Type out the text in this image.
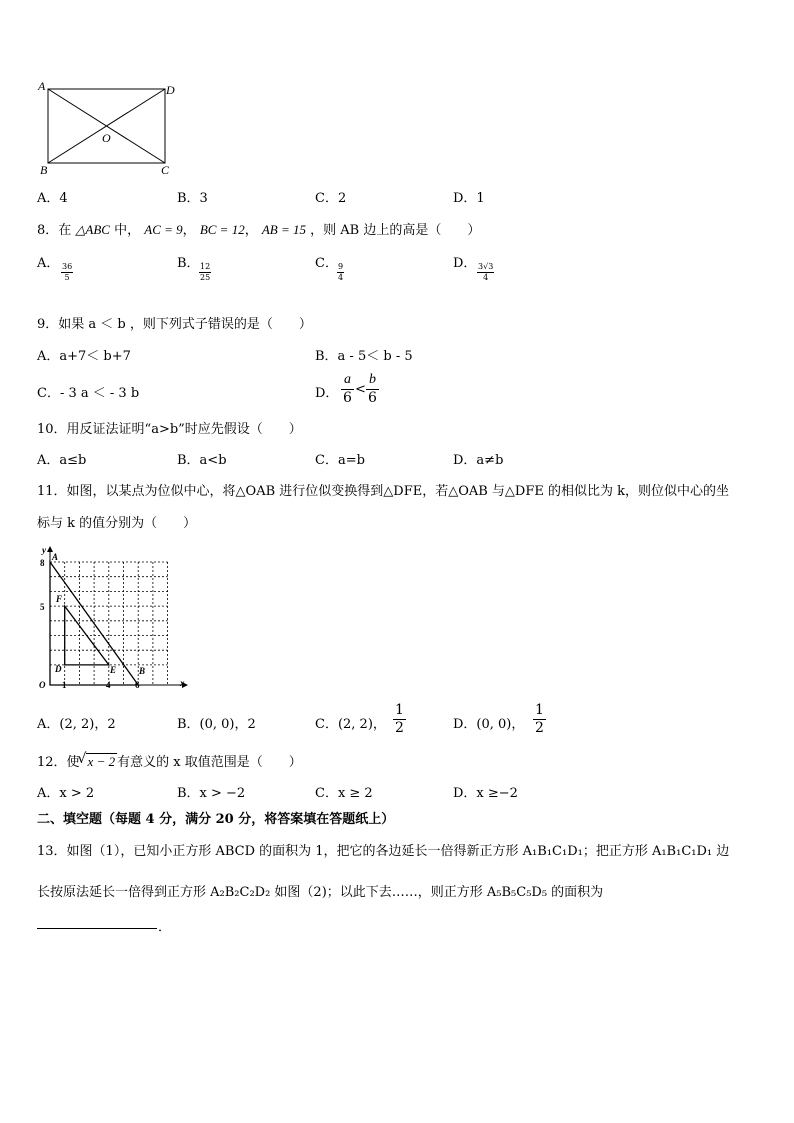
A	D
O
B	C
A．4	B．3	C．2	D．1
8．在 △ABC 中， AC = 9， BC = 12， AB = 15 ，则 AB 边上的高是（　　）
A． $\frac{36}{5}$	B． $\frac{12}{25}$	C． $\frac{9}{4}$	D． $\frac{3√3}{4}$
9．如果 a ＜ b ，则下列式子错误的是（　　）
A．a+7＜ b+7	B．a - 5＜ b - 5
C．- 3 a ＜ - 3 b	D． $\frac{a}{6} < \frac{b}{6}$
10．用反证法证明“a>b”时应先假设（　　）
A．a≤b	B．a<b	C．a=b	D．a≠b
11．如图，以某点为位似中心，将△OAB 进行位似变换得到△DFE，若△OAB 与△DFE 的相似比为 k，则位似中心的坐
标与 k 的值分别为（　　）
y
x
A
8
F
5
D	E	B
O 1	4	6
A．(2, 2)，2	B．(0, 0)，2	C．(2, 2)， $\frac{1}{2}$	D．(0, 0)， $\frac{1}{2}$
12．使
√ x − 2 有意义的 x 取值范围是（　　）
A．x > 2	B．x > −2	C．x ≥ 2	D．x ≥−2
二、填空题（每题 4 分，满分 20 分，将答案填在答题纸上）
13．如图（1），已知小正方形 ABCD 的面积为 1，把它的各边延长一倍得新正方形 A₁B₁C₁D₁；把正方形 A₁B₁C₁D₁ 边
长按原法延长一倍得到正方形 A₂B₂C₂D₂ 如图（2)；以此下去……，则正方形 A₅B₅C₅D₅ 的面积为
．
